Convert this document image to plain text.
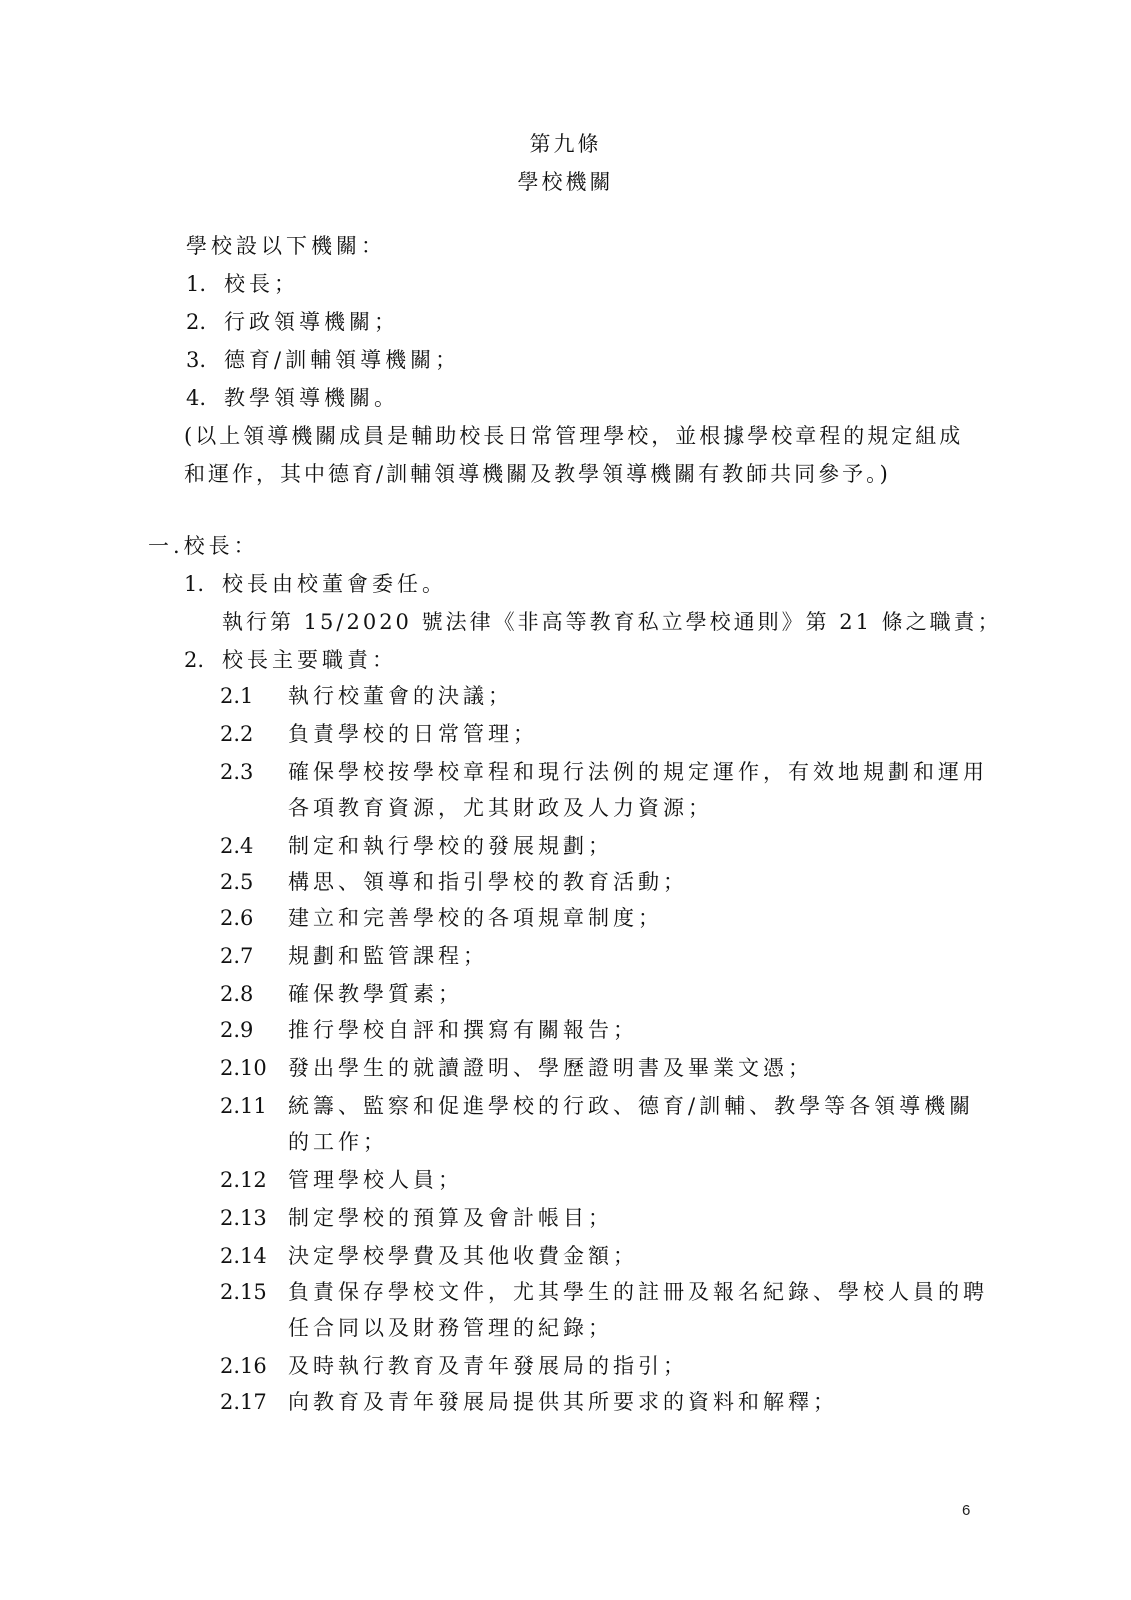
第九條
學校機關
學校設以下機關：
1. 校長；
2. 行政領導機關；
3. 德育/訓輔領導機關；
4. 教學領導機關。
(以上領導機關成員是輔助校長日常管理學校，並根據學校章程的規定組成
和運作，其中德育/訓輔領導機關及教學領導機關有教師共同參予。)
一.校長：
1. 校長由校董會委任。
執行第 15/2020 號法律《非高等教育私立學校通則》第 21 條之職責；
2. 校長主要職責：
2.1 執行校董會的決議；
2.2 負責學校的日常管理；
2.3 確保學校按學校章程和現行法例的規定運作，有效地規劃和運用
各項教育資源，尤其財政及人力資源；
2.4 制定和執行學校的發展規劃；
2.5 構思、領導和指引學校的教育活動；
2.6 建立和完善學校的各項規章制度；
2.7 規劃和監管課程；
2.8 確保教學質素；
2.9 推行學校自評和撰寫有關報告；
2.10 發出學生的就讀證明、學歷證明書及畢業文憑；
2.11 統籌、監察和促進學校的行政、德育/訓輔、教學等各領導機關
的工作；
2.12 管理學校人員；
2.13 制定學校的預算及會計帳目；
2.14 決定學校學費及其他收費金額；
2.15 負責保存學校文件，尤其學生的註冊及報名紀錄、學校人員的聘
任合同以及財務管理的紀錄；
2.16 及時執行教育及青年發展局的指引；
2.17 向教育及青年發展局提供其所要求的資料和解釋；
6
